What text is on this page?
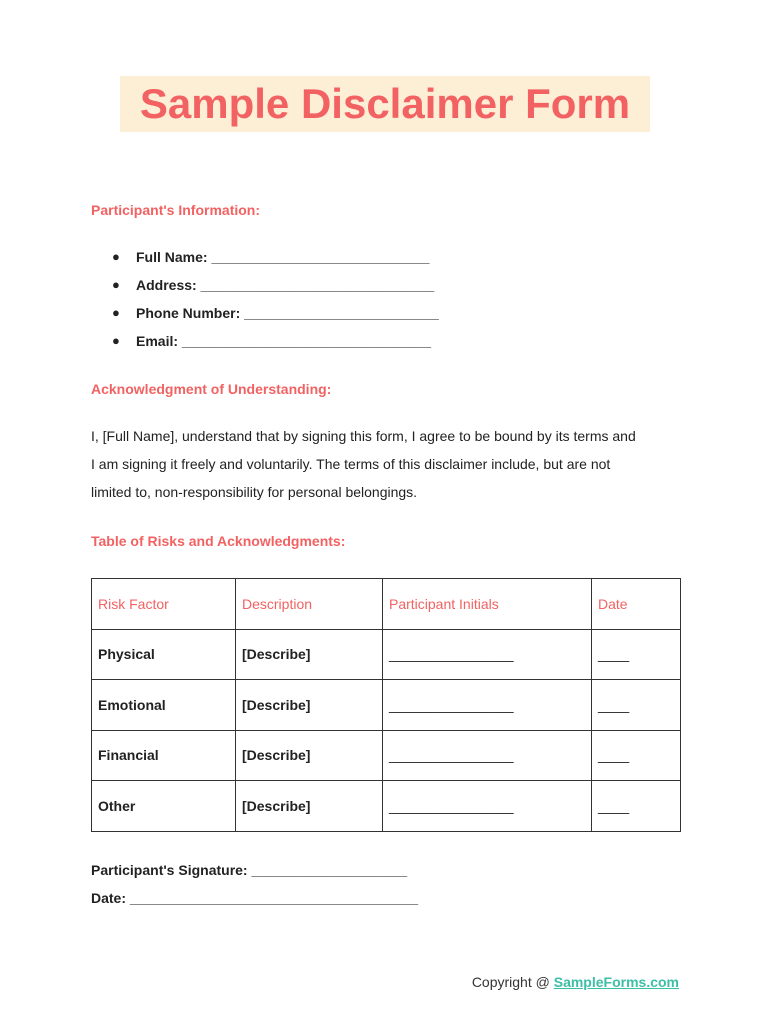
Sample Disclaimer Form
Participant's Information:
●	Full Name: ____________________________
●	Address: ______________________________
●	Phone Number: _________________________
●	Email: ________________________________
Acknowledgment of Understanding:
I, [Full Name], understand that by signing this form, I agree to be bound by its terms and
I am signing it freely and voluntarily. The terms of this disclaimer include, but are not
limited to, non-responsibility for personal belongings.
Table of Risks and Acknowledgments:
Risk Factor	Description	Participant Initials	Date
Physical	[Describe]	________________	____
Emotional	[Describe]	________________	____
Financial	[Describe]	________________	____
Other	[Describe]	________________	____
Participant's Signature: ____________________
Date: _____________________________________
Copyright @ SampleForms.com
